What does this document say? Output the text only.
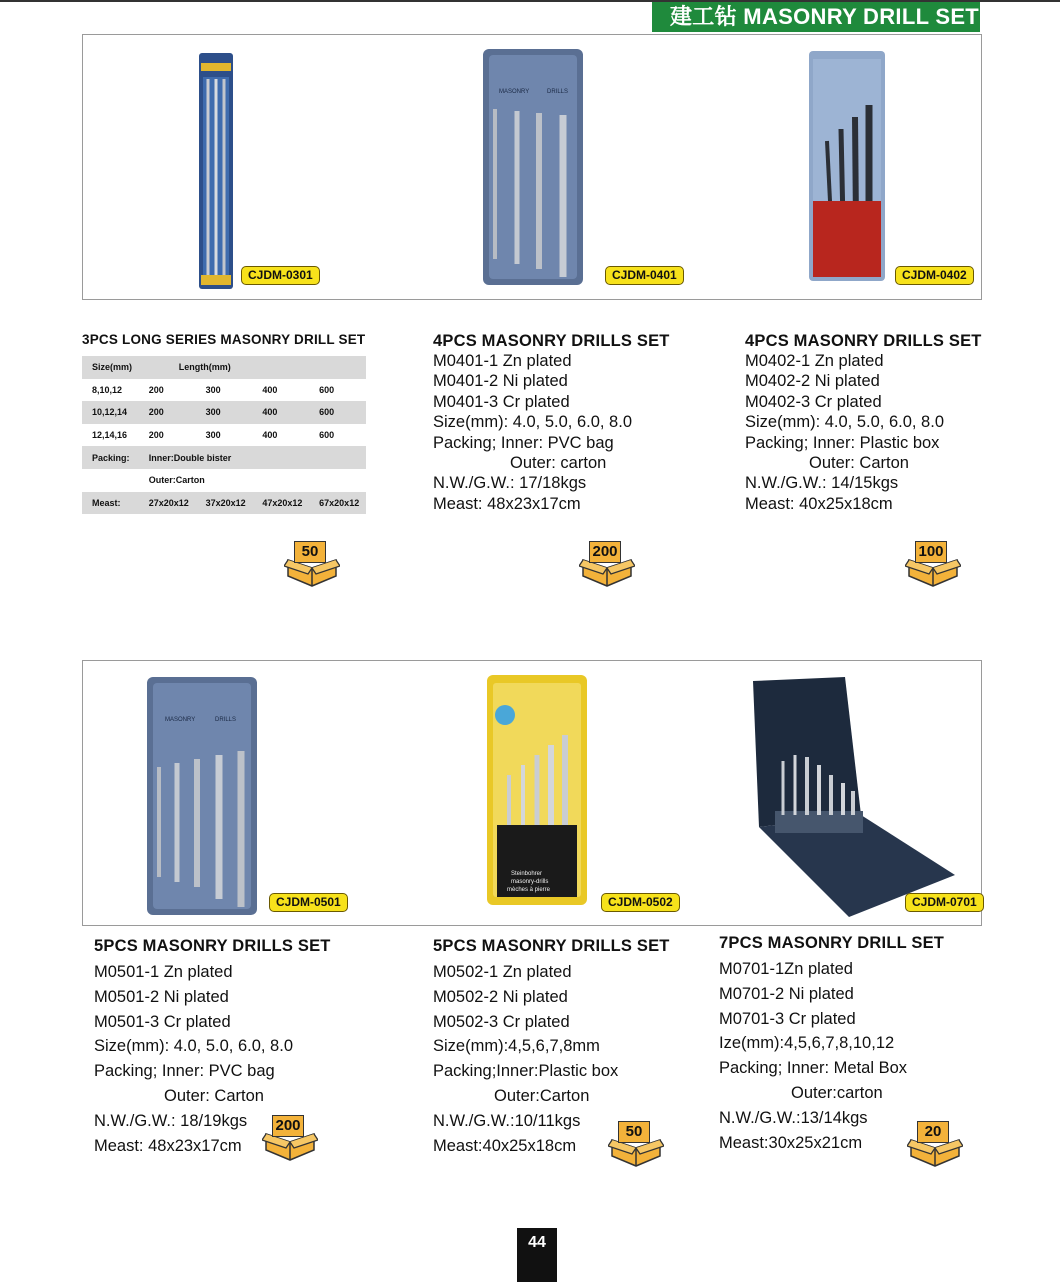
建工钻 MASONRY DRILL SET
CJDM-0301
MASONRY	DRILLS
CJDM-0401	CJDM-0402
3PCS LONG SERIES MASONRY DRILL SET
Size(mm)	Length(mm)			
8,10,12	200	300	400	600
10,12,14	200	300	400	600
12,14,16	200	300	400	600
Packing:	Inner:Double bister			
	Outer:Carton			
Meast:	27x20x12	37x20x12	47x20x12	67x20x12
4PCS MASONRY DRILLS SET
M0401-1 Zn plated
M0401-2 Ni plated
M0401-3 Cr plated
Size(mm): 4.0, 5.0, 6.0, 8.0
Packing; Inner: PVC bag
Outer: carton
N.W./G.W.: 17/18kgs
Meast: 48x23x17cm
4PCS MASONRY DRILLS SET
M0402-1 Zn plated
M0402-2 Ni plated
M0402-3 Cr plated
Size(mm): 4.0, 5.0, 6.0, 8.0
Packing; Inner: Plastic box
Outer: Carton
N.W./G.W.: 14/15kgs
Meast: 40x25x18cm
50	200	100
MASONRY	DRILLS
CJDM-0501
Steinbohrer
masonry-drills
mèches à pierre
CJDM-0502	CJDM-0701
5PCS MASONRY DRILLS SET
M0501-1 Zn plated
M0501-2 Ni plated
M0501-3 Cr plated
Size(mm): 4.0, 5.0, 6.0, 8.0
Packing; Inner: PVC bag
Outer: Carton
N.W./G.W.: 18/19kgs
Meast: 48x23x17cm
5PCS MASONRY DRILLS SET
M0502-1 Zn plated
M0502-2 Ni plated
M0502-3 Cr plated
Size(mm):4,5,6,7,8mm
Packing;Inner:Plastic box
Outer:Carton
N.W./G.W.:10/11kgs
Meast:40x25x18cm
7PCS MASONRY DRILL SET
M0701-1Zn plated
M0701-2 Ni plated
M0701-3 Cr plated
Ize(mm):4,5,6,7,8,10,12
Packing; Inner: Metal Box
Outer:carton
N.W./G.W.:13/14kgs
Meast:30x25x21cm
200	50	20
44
